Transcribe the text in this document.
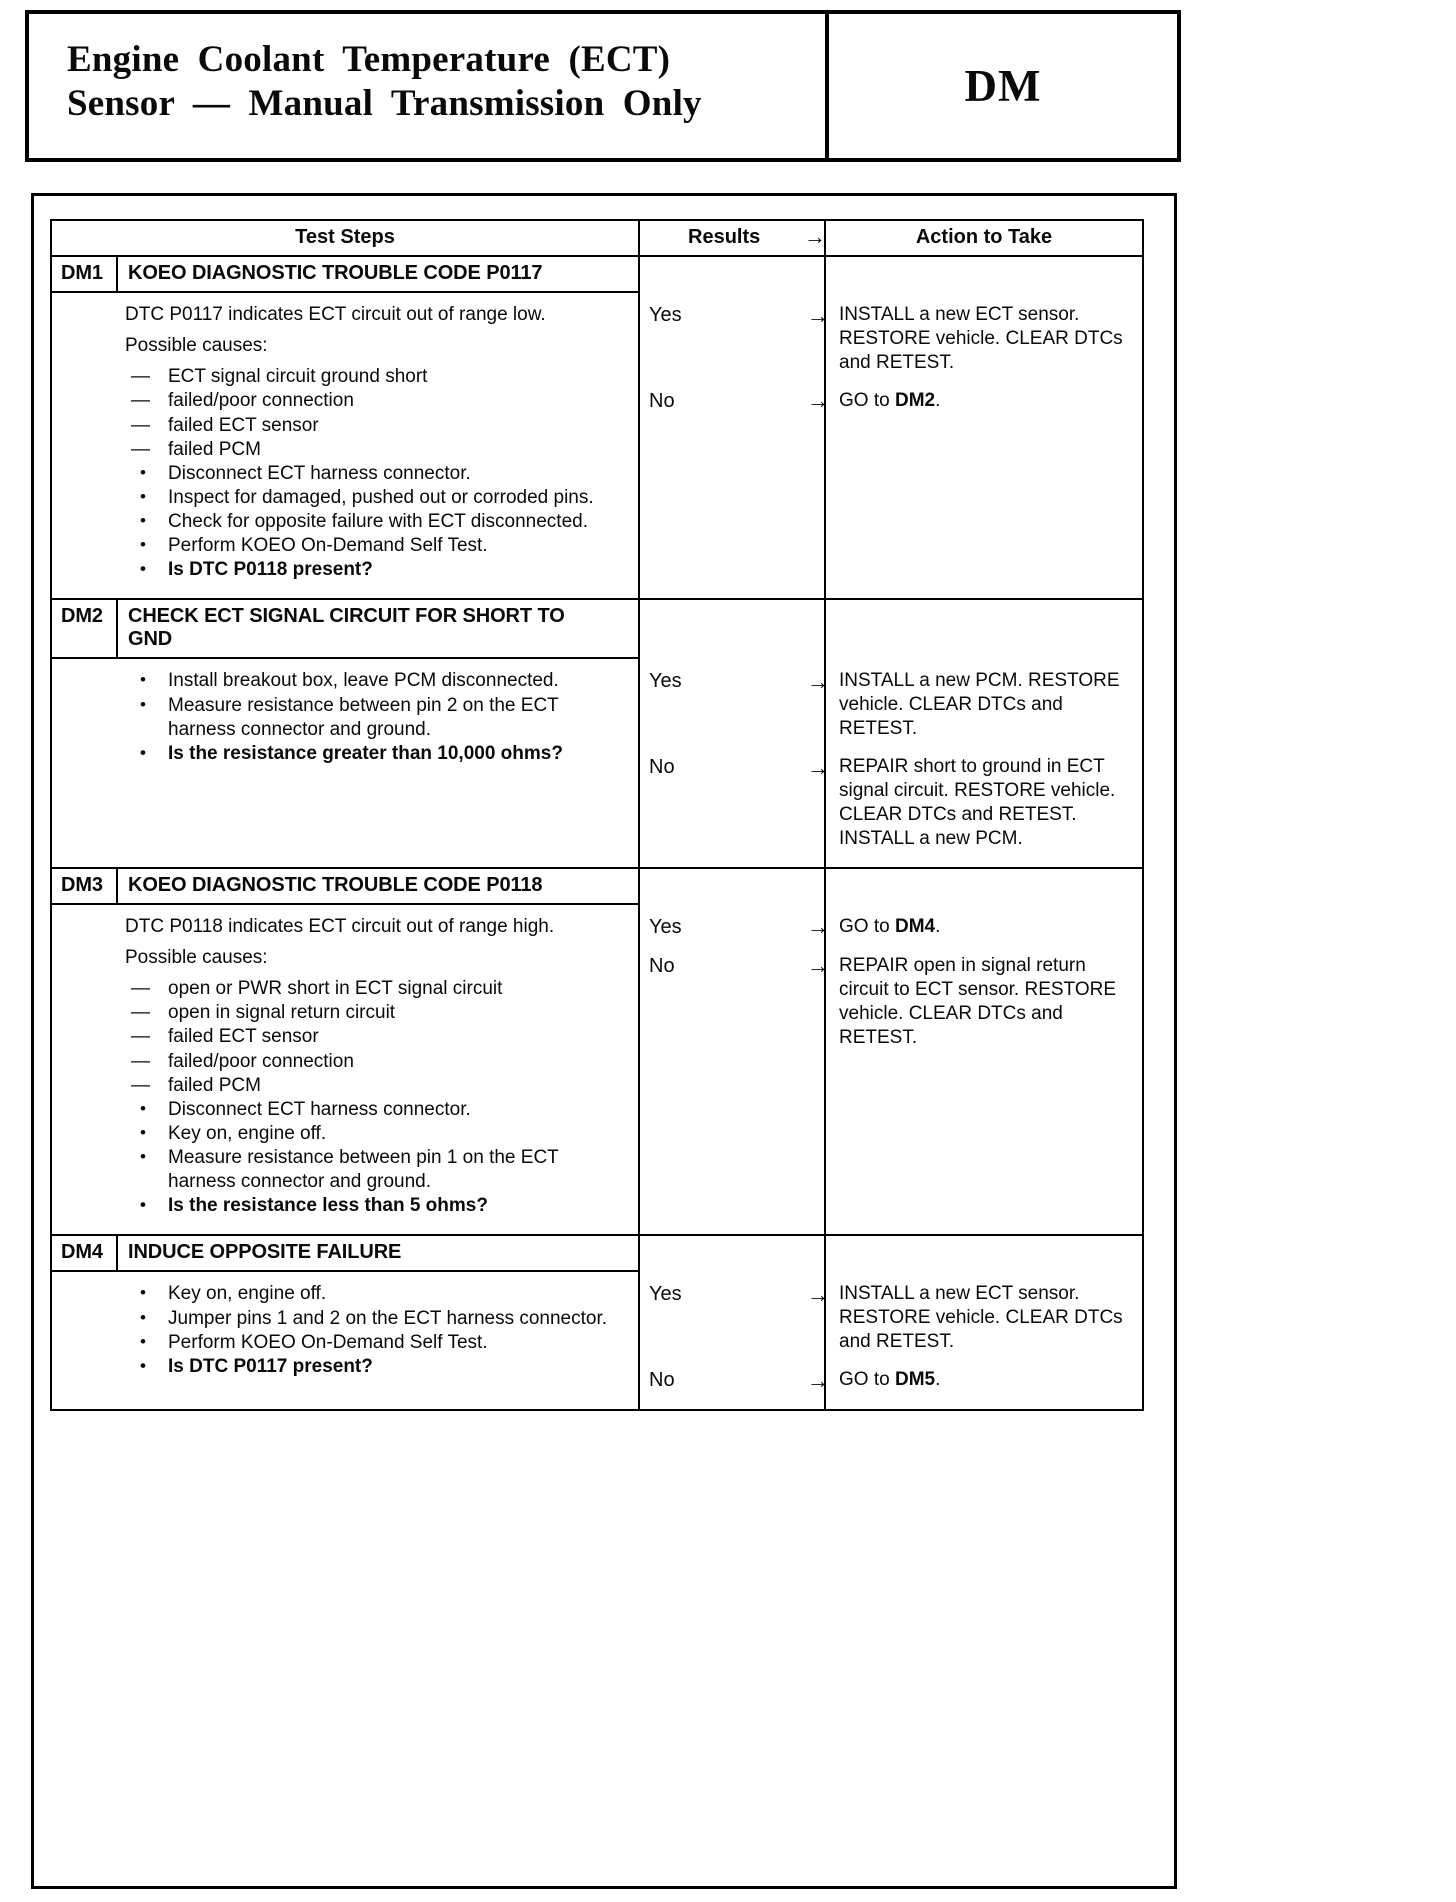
Engine Coolant Temperature (ECT)
Sensor — Manual Transmission Only	DM
Test Steps	Results →	Action to Take
DM1	KOEO DIAGNOSTIC TROUBLE CODE P0117
DTC P0117 indicates ECT circuit out of range low.
Possible causes:
— ECT signal circuit ground short
— failed/poor connection
— failed ECT sensor
— failed PCM
•	Disconnect ECT harness connector.
•	Inspect for damaged, pushed out or corroded pins.
•	Check for opposite failure with ECT disconnected.
•	Perform KOEO On-Demand Self Test.
•	Is DTC P0118 present?
Yes	→ INSTALL a new ECT sensor. RESTORE vehicle. CLEAR DTCs and RETEST.
No	→ GO to DM2.
DM2	CHECK ECT SIGNAL CIRCUIT FOR SHORT TO GND
•	Install breakout box, leave PCM disconnected.
•	Measure resistance between pin 2 on the ECT harness connector and ground.
•	Is the resistance greater than 10,000 ohms?
Yes	→ INSTALL a new PCM. RESTORE vehicle. CLEAR DTCs and RETEST.
No	→ REPAIR short to ground in ECT signal circuit. RESTORE vehicle. CLEAR DTCs and RETEST. INSTALL a new PCM.
DM3	KOEO DIAGNOSTIC TROUBLE CODE P0118
DTC P0118 indicates ECT circuit out of range high.
Possible causes:
— open or PWR short in ECT signal circuit
— open in signal return circuit
— failed ECT sensor
— failed/poor connection
— failed PCM
•	Disconnect ECT harness connector.
•	Key on, engine off.
•	Measure resistance between pin 1 on the ECT harness connector and ground.
•	Is the resistance less than 5 ohms?
Yes	→ GO to DM4.
No	→ REPAIR open in signal return circuit to ECT sensor. RESTORE vehicle. CLEAR DTCs and RETEST.
DM4	INDUCE OPPOSITE FAILURE
•	Key on, engine off.
•	Jumper pins 1 and 2 on the ECT harness connector.
•	Perform KOEO On-Demand Self Test.
•	Is DTC P0117 present?
Yes	→ INSTALL a new ECT sensor. RESTORE vehicle. CLEAR DTCs and RETEST.
No	→ GO to DM5.
